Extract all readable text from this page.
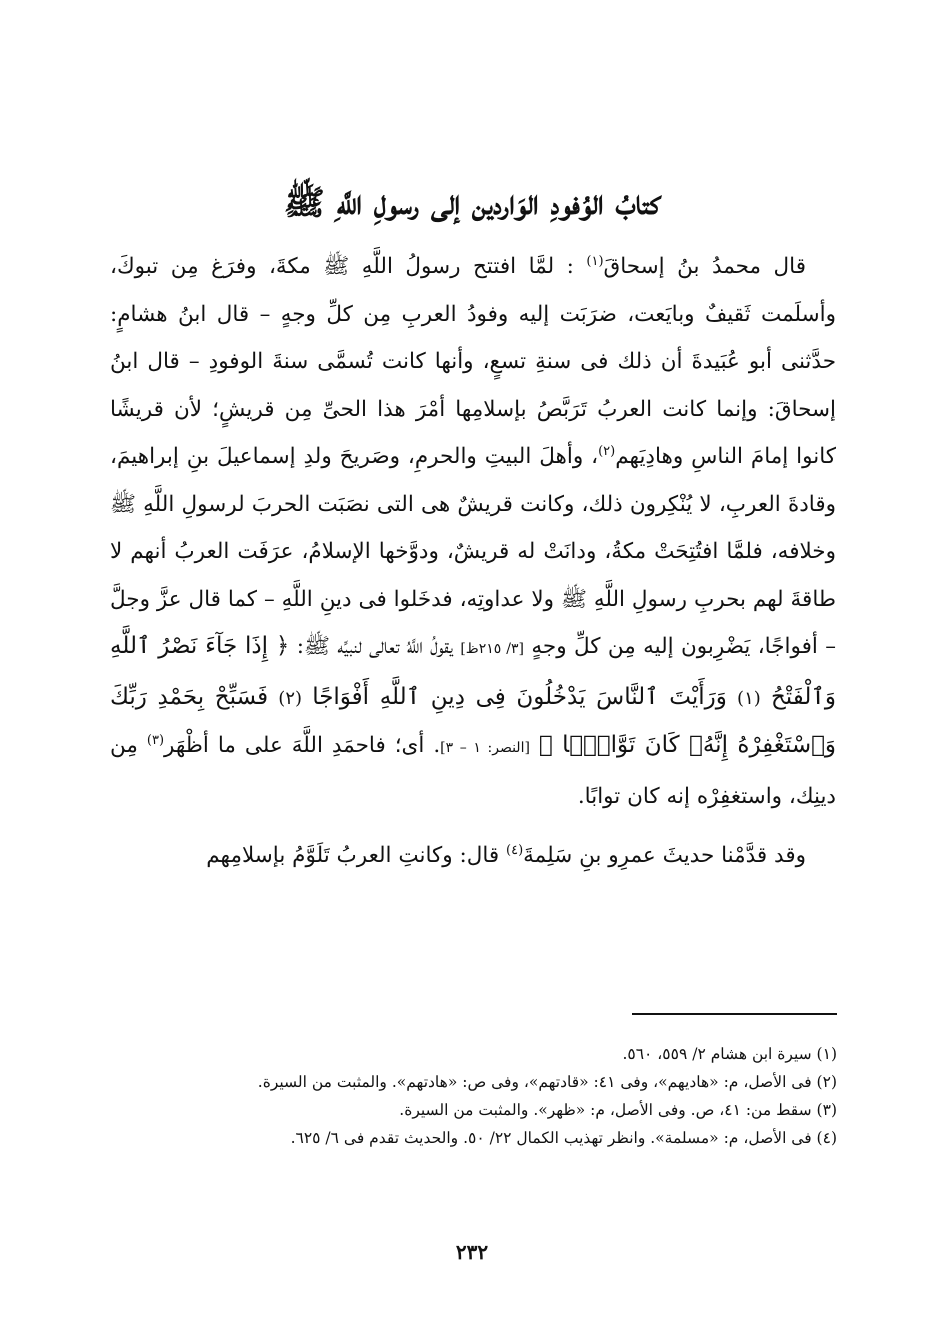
كتابُ الوُفودِ الوَاردين إلى رسولِ اللَّهِ ﷺ

قال محمدُ بنُ إسحاقَ$^{(١)}$ : لمَّا افتتح رسولُ اللَّهِ ﷺ مكةَ، وفرَغ مِن تبوكَ، وأسلَمت ثَقيفٌ وبايَعت، ضرَبَت إليه وفودُ العربِ مِن كلِّ وجهٍ – قال ابنُ هشامٍ: حدَّثنى أبو عُبَيدةَ أن ذلك فى سنةِ تسعٍ، وأنها كانت تُسمَّى سنةَ الوفودِ – قال ابنُ إسحاقَ: وإنما كانت العربُ تَرَبَّصُ بإسلامِها أمْرَ هذا الحىِّ مِن قريشٍ؛ لأن قريشًا كانوا إمامَ الناسِ وهادِيَهم$^{(٢)}$، وأهلَ البيتِ والحرمِ، وصَريحَ ولدِ إسماعيلَ بنِ إبراهيمَ، وقادةَ العربِ، لا يُنْكِرون ذلك، وكانت قريشٌ هى التى نصَبَت الحربَ لرسولِ اللَّهِ ﷺ وخلافه، فلمَّا افتُتِحَتْ مكةُ، ودانَتْ له قريشٌ، ودوَّخها الإسلامُ، عرَفَت العربُ أنهم لا طاقةَ لهم بحربِ رسولِ اللَّهِ ﷺ ولا عداوتِه، فدخَلوا فى دينِ اللَّهِ – كما قال عزَّ وجلَّ – أفواجًا، يَضْرِبون إليه مِن كلِّ وجهٍ [٣/ ٢١٥ظ] يقولُ اللَّهُ تعالى لنبيِّه ﷺ: ﴿ إِذَا جَآءَ نَصْرُ ٱللَّهِ وَٱلْفَتْحُ (١) وَرَأَيْتَ ٱلنَّاسَ يَدْخُلُونَ فِى دِينِ ٱللَّهِ أَفْوَاجًا (٢) فَسَبِّحْ بِحَمْدِ رَبِّكَ وَٱسْتَغْفِرْهُ إِنَّهُۥ كَانَ تَوَّابًۢا ﴾ [النصر: ١ – ٣]. أى؛ فاحمَدِ اللَّهَ على ما أظْهَر$^{(٣)}$ مِن دينِك، واستغفِرْه إنه كان توابًا.

وقد قدَّمْنا حديثَ عمرِو بنِ سَلِمةَ$^{(٤)}$ قال: وكانتِ العربُ تَلَوَّمُ بإسلامِهم

(١) سيرة ابن هشام ٢/ ٥٥٩، ٥٦٠.
(٢) فى الأصل، م: «هاديهم»، وفى ٤١: «قادتهم»، وفى ص: «هادتهم». والمثبت من السيرة.
(٣) سقط من: ٤١، ص. وفى الأصل، م: «ظهر». والمثبت من السيرة.
(٤) فى الأصل، م: «مسلمة». وانظر تهذيب الكمال ٢٢/ ٥٠. والحديث تقدم فى ٦/ ٦٢٥.
٢٣٢
